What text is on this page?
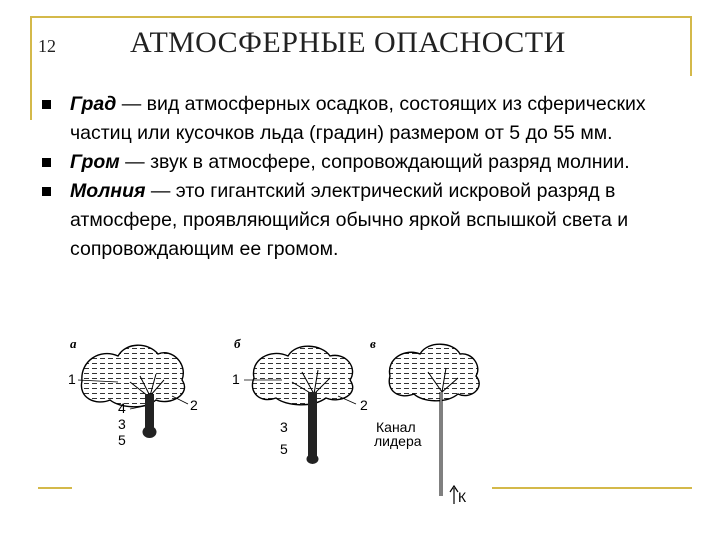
12 АТМОСФЕРНЫЕ ОПАСНОСТИ
Град — вид атмосферных осадков, состоящих из сферических частиц или кусочков льда (градин) размером от 5 до 55 мм.
Гром — звук в атмосфере, сопровождающий разряд молнии.
Молния — это гигантский электрический искровой разряд в атмосфере, проявляющийся обычно яркой вспышкой света и сопровождающим ее громом.
а
1
4	2
3
5
б
1
2
3
5
в
Канал
лидера
К
